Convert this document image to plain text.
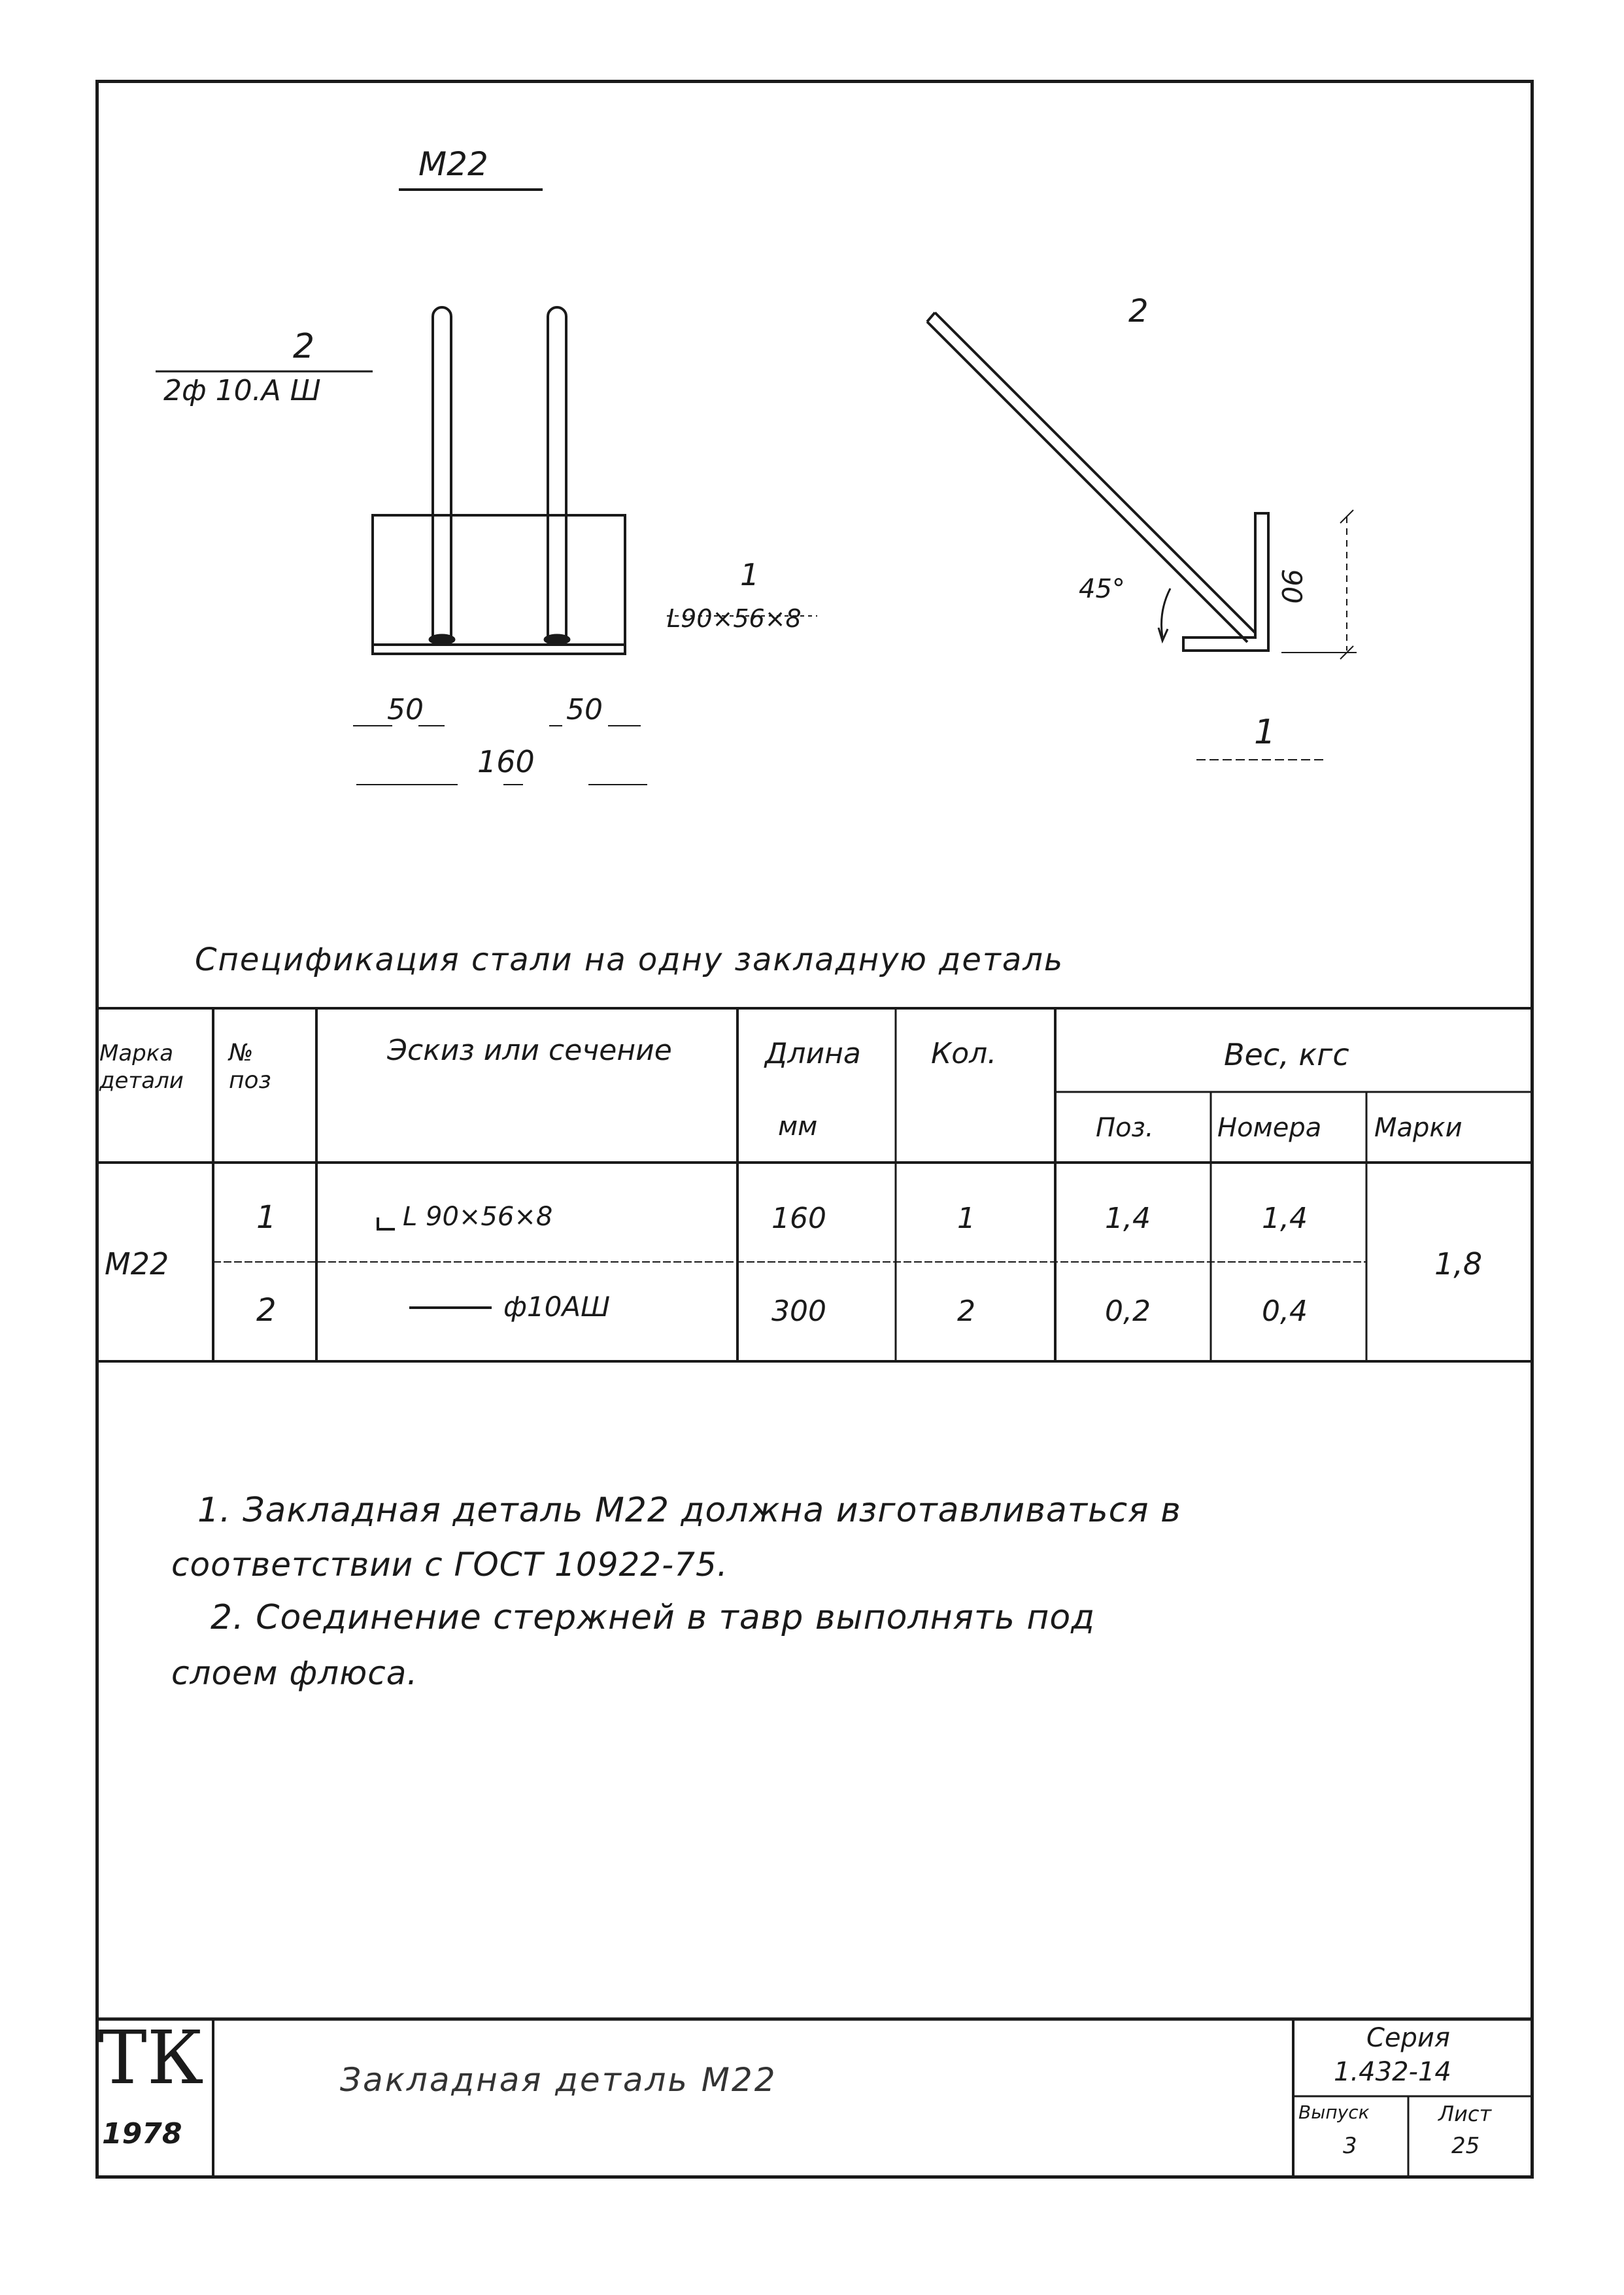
М22
2
2ф 10.А Ш
1
L90×56×8
50	50
160
2
45°	90
1
Спецификация стали на одну закладную деталь
Марка детали
№ поз
Эскиз или сечение	Длина
мм
Кол.	Вес, кгс
Поз. Номера Марки
М22
1	L 90×56×8	160	1	1,4	1,4
2	ф10АШ	300	2	0,2	0,4
1,8
1. Закладная деталь М22 должна изготавливаться в
соответствии с ГОСТ 10922-75.
2. Соединение стержней в тавр выполнять под
слоем флюса.
ТК
1978
Закладная деталь М22
Серия
1.432-14
Выпуск
3
Лист
25
